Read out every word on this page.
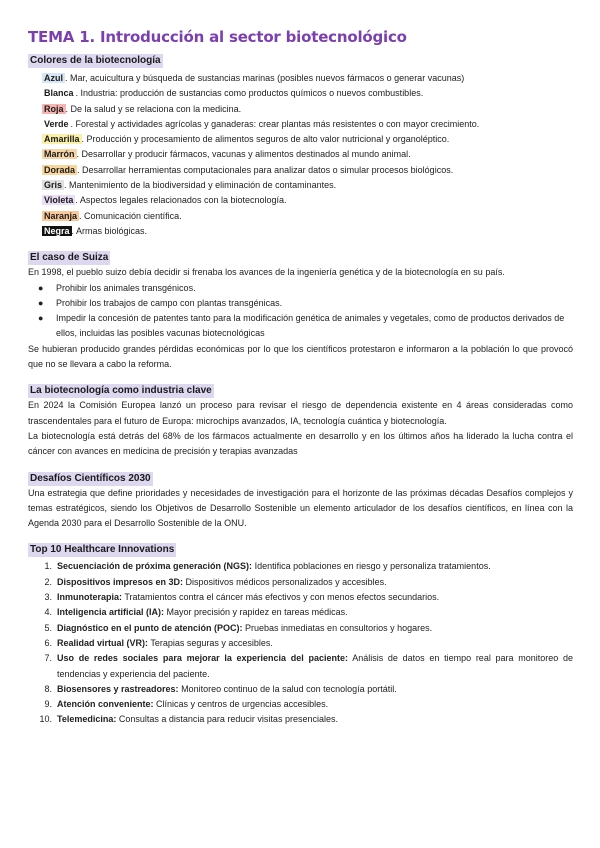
TEMA 1. Introducción al sector biotecnológico
Colores de la biotecnología
Azul . Mar, acuicultura y búsqueda de sustancias marinas (posibles nuevos fármacos o generar vacunas)
Blanca . Industria: producción de sustancias como productos químicos o nuevos combustibles.
Roja . De la salud y se relaciona con la medicina.
Verde . Forestal y actividades agrícolas y ganaderas: crear plantas más resistentes o con mayor crecimiento.
Amarilla . Producción y procesamiento de alimentos seguros de alto valor nutricional y organoléptico.
Marrón . Desarrollar y producir fármacos, vacunas y alimentos destinados al mundo animal.
Dorada . Desarrollar herramientas computacionales para analizar datos o simular procesos biológicos.
Gris . Mantenimiento de la biodiversidad y eliminación de contaminantes.
Violeta . Aspectos legales relacionados con la biotecnología.
Naranja . Comunicación científica.
Negra . Armas biológicas.
El caso de Suiza

En 1998, el pueblo suizo debía decidir si frenaba los avances de la ingeniería genética y de la biotecnología en su país.

● Prohibir los animales transgénicos.
● Prohibir los trabajos de campo con plantas transgénicas.
● Impedir la concesión de patentes tanto para la modificación genética de animales y vegetales, como de productos derivados de ellos, incluidas las posibles vacunas biotecnológicas

Se hubieran producido grandes pérdidas económicas por lo que los científicos protestaron e informaron a la población lo que provocó que no se llevara a cabo la reforma.

La biotecnología como industria clave

En 2024 la Comisión Europea lanzó un proceso para revisar el riesgo de dependencia existente en 4 áreas consideradas como trascendentales para el futuro de Europa: microchips avanzados, IA, tecnología cuántica y biotecnología.

La biotecnología está detrás del 68% de los fármacos actualmente en desarrollo y en los últimos años ha liderado la lucha contra el cáncer con avances en medicina de precisión y terapias avanzadas

Desafíos Científicos 2030

Una estrategia que define prioridades y necesidades de investigación para el horizonte de las próximas décadas Desafíos complejos y temas estratégicos, siendo los Objetivos de Desarrollo Sostenible un elemento articulador de los desafíos científicos, en línea con la Agenda 2030 para el Desarrollo Sostenible de la ONU.

Top 10 Healthcare Innovations
1. Secuenciación de próxima generación (NGS): Identifica poblaciones en riesgo y personaliza tratamientos.
2. Dispositivos impresos en 3D: Dispositivos médicos personalizados y accesibles.
3. Inmunoterapia: Tratamientos contra el cáncer más efectivos y con menos efectos secundarios.
4. Inteligencia artificial (IA): Mayor precisión y rapidez en tareas médicas.
5. Diagnóstico en el punto de atención (POC): Pruebas inmediatas en consultorios y hogares.
6. Realidad virtual (VR): Terapias seguras y accesibles.
7. Uso de redes sociales para mejorar la experiencia del paciente: Análisis de datos en tiempo real para monitoreo de tendencias y experiencia del paciente.
8. Biosensores y rastreadores: Monitoreo continuo de la salud con tecnología portátil.
9. Atención conveniente: Clínicas y centros de urgencias accesibles.
10. Telemedicina: Consultas a distancia para reducir visitas presenciales.
